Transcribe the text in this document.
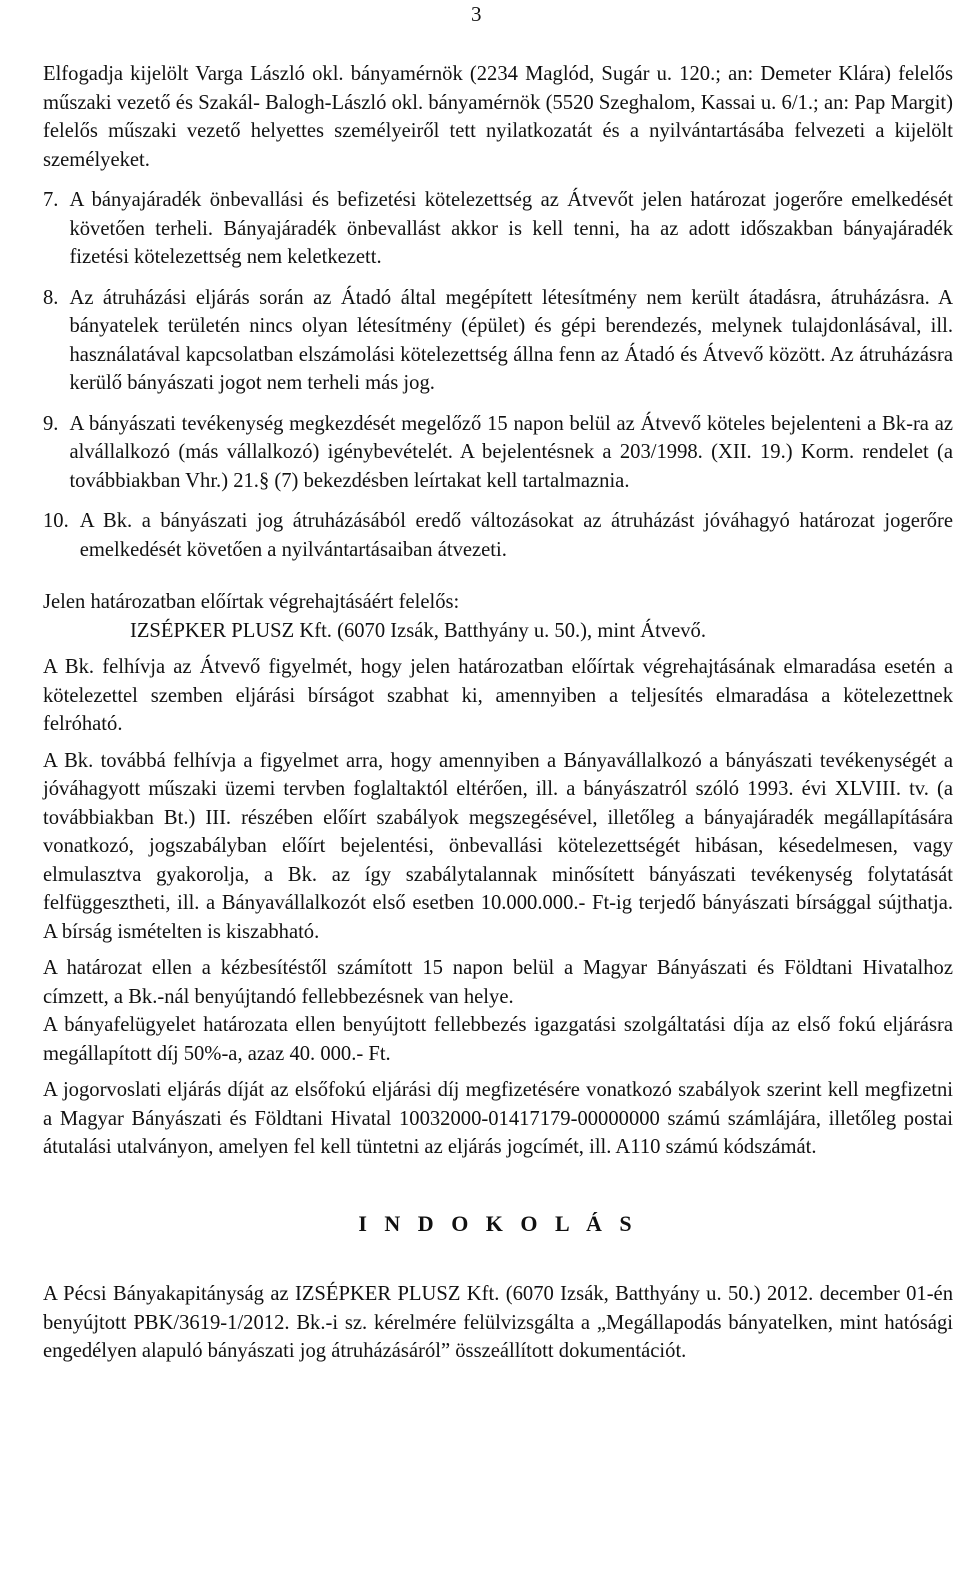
3

Elfogadja kijelölt Varga László okl. bányamérnök (2234 Maglód, Sugár u. 120.; an: Demeter Klára) felelős műszaki vezető és Szakál- Balogh-László okl. bányamérnök (5520 Szeghalom, Kassai u. 6/1.; an: Pap Margit) felelős műszaki vezető helyettes személyeiről tett nyilatkozatát és a nyilvántartásába felvezeti a kijelölt személyeket.

7. A bányajáradék önbevallási és befizetési kötelezettség az Átvevőt jelen határozat jogerőre emelkedését követően terheli. Bányajáradék önbevallást akkor is kell tenni, ha az adott időszakban bányajáradék fizetési kötelezettség nem keletkezett.
8. Az átruházási eljárás során az Átadó által megépített létesítmény nem került átadásra, átruházásra. A bányatelek területén nincs olyan létesítmény (épület) és gépi berendezés, melynek tulajdonlásával, ill. használatával kapcsolatban elszámolási kötelezettség állna fenn az Átadó és Átvevő között. Az átruházásra kerülő bányászati jogot nem terheli más jog.
9. A bányászati tevékenység megkezdését megelőző 15 napon belül az Átvevő köteles bejelenteni a Bk-ra az alvállalkozó (más vállalkozó) igénybevételét. A bejelentésnek a 203/1998. (XII. 19.) Korm. rendelet (a továbbiakban Vhr.) 21.§ (7) bekezdésben leírtakat kell tartalmaznia.
10. A Bk. a bányászati jog átruházásából eredő változásokat az átruházást jóváhagyó határozat jogerőre emelkedését követően a nyilvántartásaiban átvezeti.

Jelen határozatban előírtak végrehajtásáért felelős:

IZSÉPKER PLUSZ Kft. (6070 Izsák, Batthyány u. 50.), mint Átvevő.

A Bk. felhívja az Átvevő figyelmét, hogy jelen határozatban előírtak végrehajtásának elmaradása esetén a kötelezettel szemben eljárási bírságot szabhat ki, amennyiben a teljesítés elmaradása a kötelezettnek felróható.

A Bk. továbbá felhívja a figyelmet arra, hogy amennyiben a Bányavállalkozó a bányászati tevékenységét a jóváhagyott műszaki üzemi tervben foglaltaktól eltérően, ill. a bányászatról szóló 1993. évi XLVIII. tv. (a továbbiakban Bt.) III. részében előírt szabályok megszegésével, illetőleg a bányajáradék megállapítására vonatkozó, jogszabályban előírt bejelentési, önbevallási kötelezettségét hibásan, késedelmesen, vagy elmulasztva gyakorolja, a Bk. az így szabálytalannak minősített bányászati tevékenység folytatását felfüggesztheti, ill. a Bányavállalkozót első esetben 10.000.000.- Ft-ig terjedő bányászati bírsággal sújthatja. A bírság ismételten is kiszabható.

A határozat ellen a kézbesítéstől számított 15 napon belül a Magyar Bányászati és Földtani Hivatalhoz címzett, a Bk.-nál benyújtandó fellebbezésnek van helye.

A bányafelügyelet határozata ellen benyújtott fellebbezés igazgatási szolgáltatási díja az első fokú eljárásra megállapított díj 50%-a, azaz 40. 000.- Ft.

A jogorvoslati eljárás díját az elsőfokú eljárási díj megfizetésére vonatkozó szabályok szerint kell megfizetni a Magyar Bányászati és Földtani Hivatal 10032000-01417179-00000000 számú számlájára, illetőleg postai átutalási utalványon, amelyen fel kell tüntetni az eljárás jogcímét, ill. A110 számú kódszámát.

I N D O K O L Á S

A Pécsi Bányakapitányság az IZSÉPKER PLUSZ Kft. (6070 Izsák, Batthyány u. 50.) 2012. december 01-én benyújtott PBK/3619-1/2012. Bk.-i sz. kérelmére felülvizsgálta a „Megállapodás bányatelken, mint hatósági engedélyen alapuló bányászati jog átruházásáról” összeállított dokumentációt.
